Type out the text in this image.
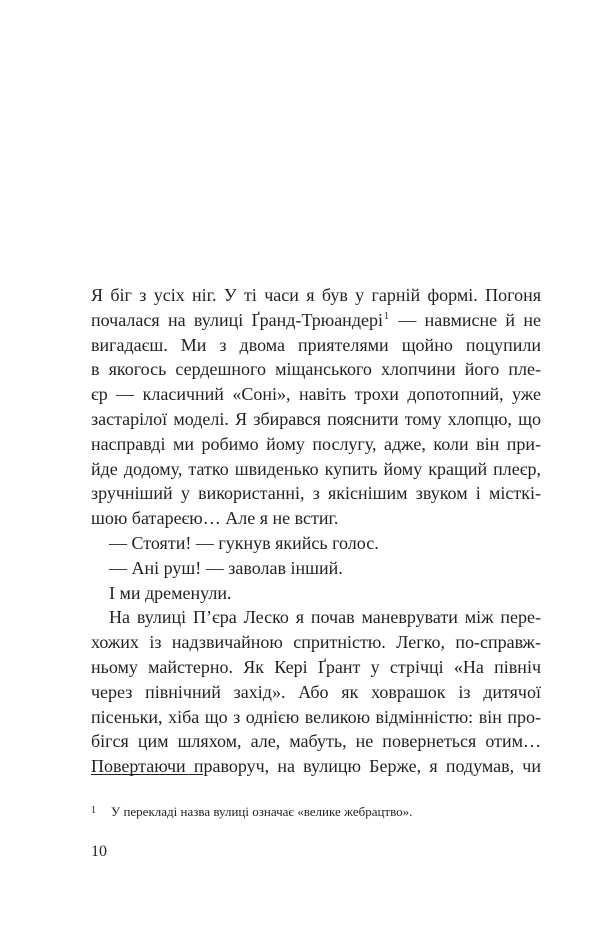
Я біг з усіх ніг. У ті часи я був у гарній формі. Погоня
почалася на вулиці Ґранд-Трюандері$^1$ — навмисне й не
вигадаєш. Ми з двома приятелями щойно поцупили
в якогось сердешного міщанського хлопчини його пле-
єр — класичний «Соні», навіть трохи допотопний, уже
застарілої моделі. Я збирався пояснити тому хлопцю, що
насправді ми робимо йому послугу, адже, коли він при-
йде додому, татко швиденько купить йому кращий плеєр,
зручніший у використанні, з якіснішим звуком і місткі-
шою батареєю… Але я не встиг.
— Стояти! — гукнув якийсь голос.
— Ані руш! — заволав інший.
І ми дременули.
На вулиці П’єра Леско я почав маневрувати між пере-
хожих із надзвичайною спритністю. Легко, по-справж-
ньому майстерно. Як Кері Ґрант у стрічці «На північ
через північний захід». Або як ховрашок із дитячої
пісеньки, хіба що з однією великою відмінністю: він про-
бігся цим шляхом, але, мабуть, не повернеться отим…
Повертаючи праворуч, на вулицю Берже, я подумав, чи
1 У перекладі назва вулиці означає «велике жебрацтво».
10
